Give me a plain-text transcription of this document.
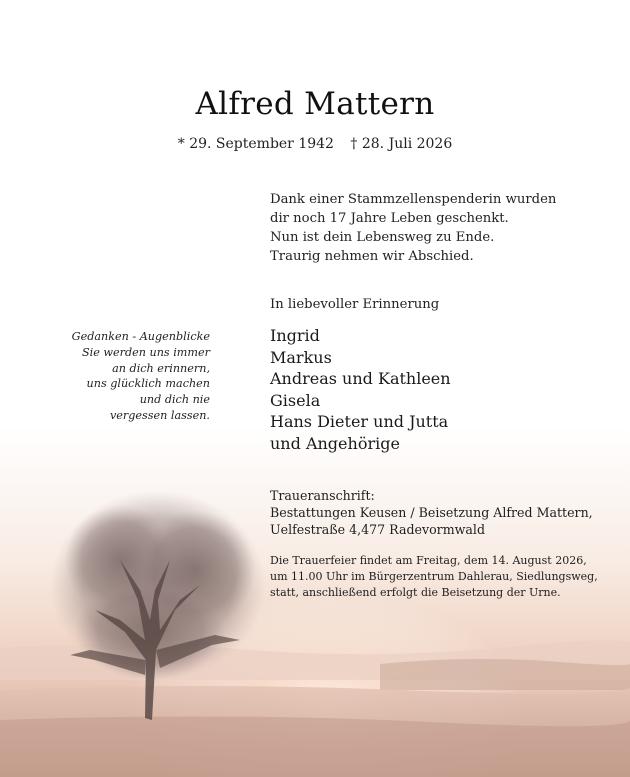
Alfred Mattern
* 29. September 1942 † 28. Juli 2026
Dank einer Stammzellenspenderin wurden
dir noch 17 Jahre Leben geschenkt.
Nun ist dein Lebensweg zu Ende.
Traurig nehmen wir Abschied.
In liebevoller Erinnerung
Ingrid
Markus
Andreas und Kathleen
Gisela
Hans Dieter und Jutta
und Angehörige
Gedanken - Augenblicke
Sie werden uns immer
an dich erinnern,
uns glücklich machen
und dich nie
vergessen lassen.
Traueranschrift:
Bestattungen Keusen / Beisetzung Alfred Mattern,
Uelfestraße 4,477 Radevormwald
Die Trauerfeier findet am Freitag, dem 14. August 2026,
um 11.00 Uhr im Bürgerzentrum Dahlerau, Siedlungsweg,
statt, anschließend erfolgt die Beisetzung der Urne.
